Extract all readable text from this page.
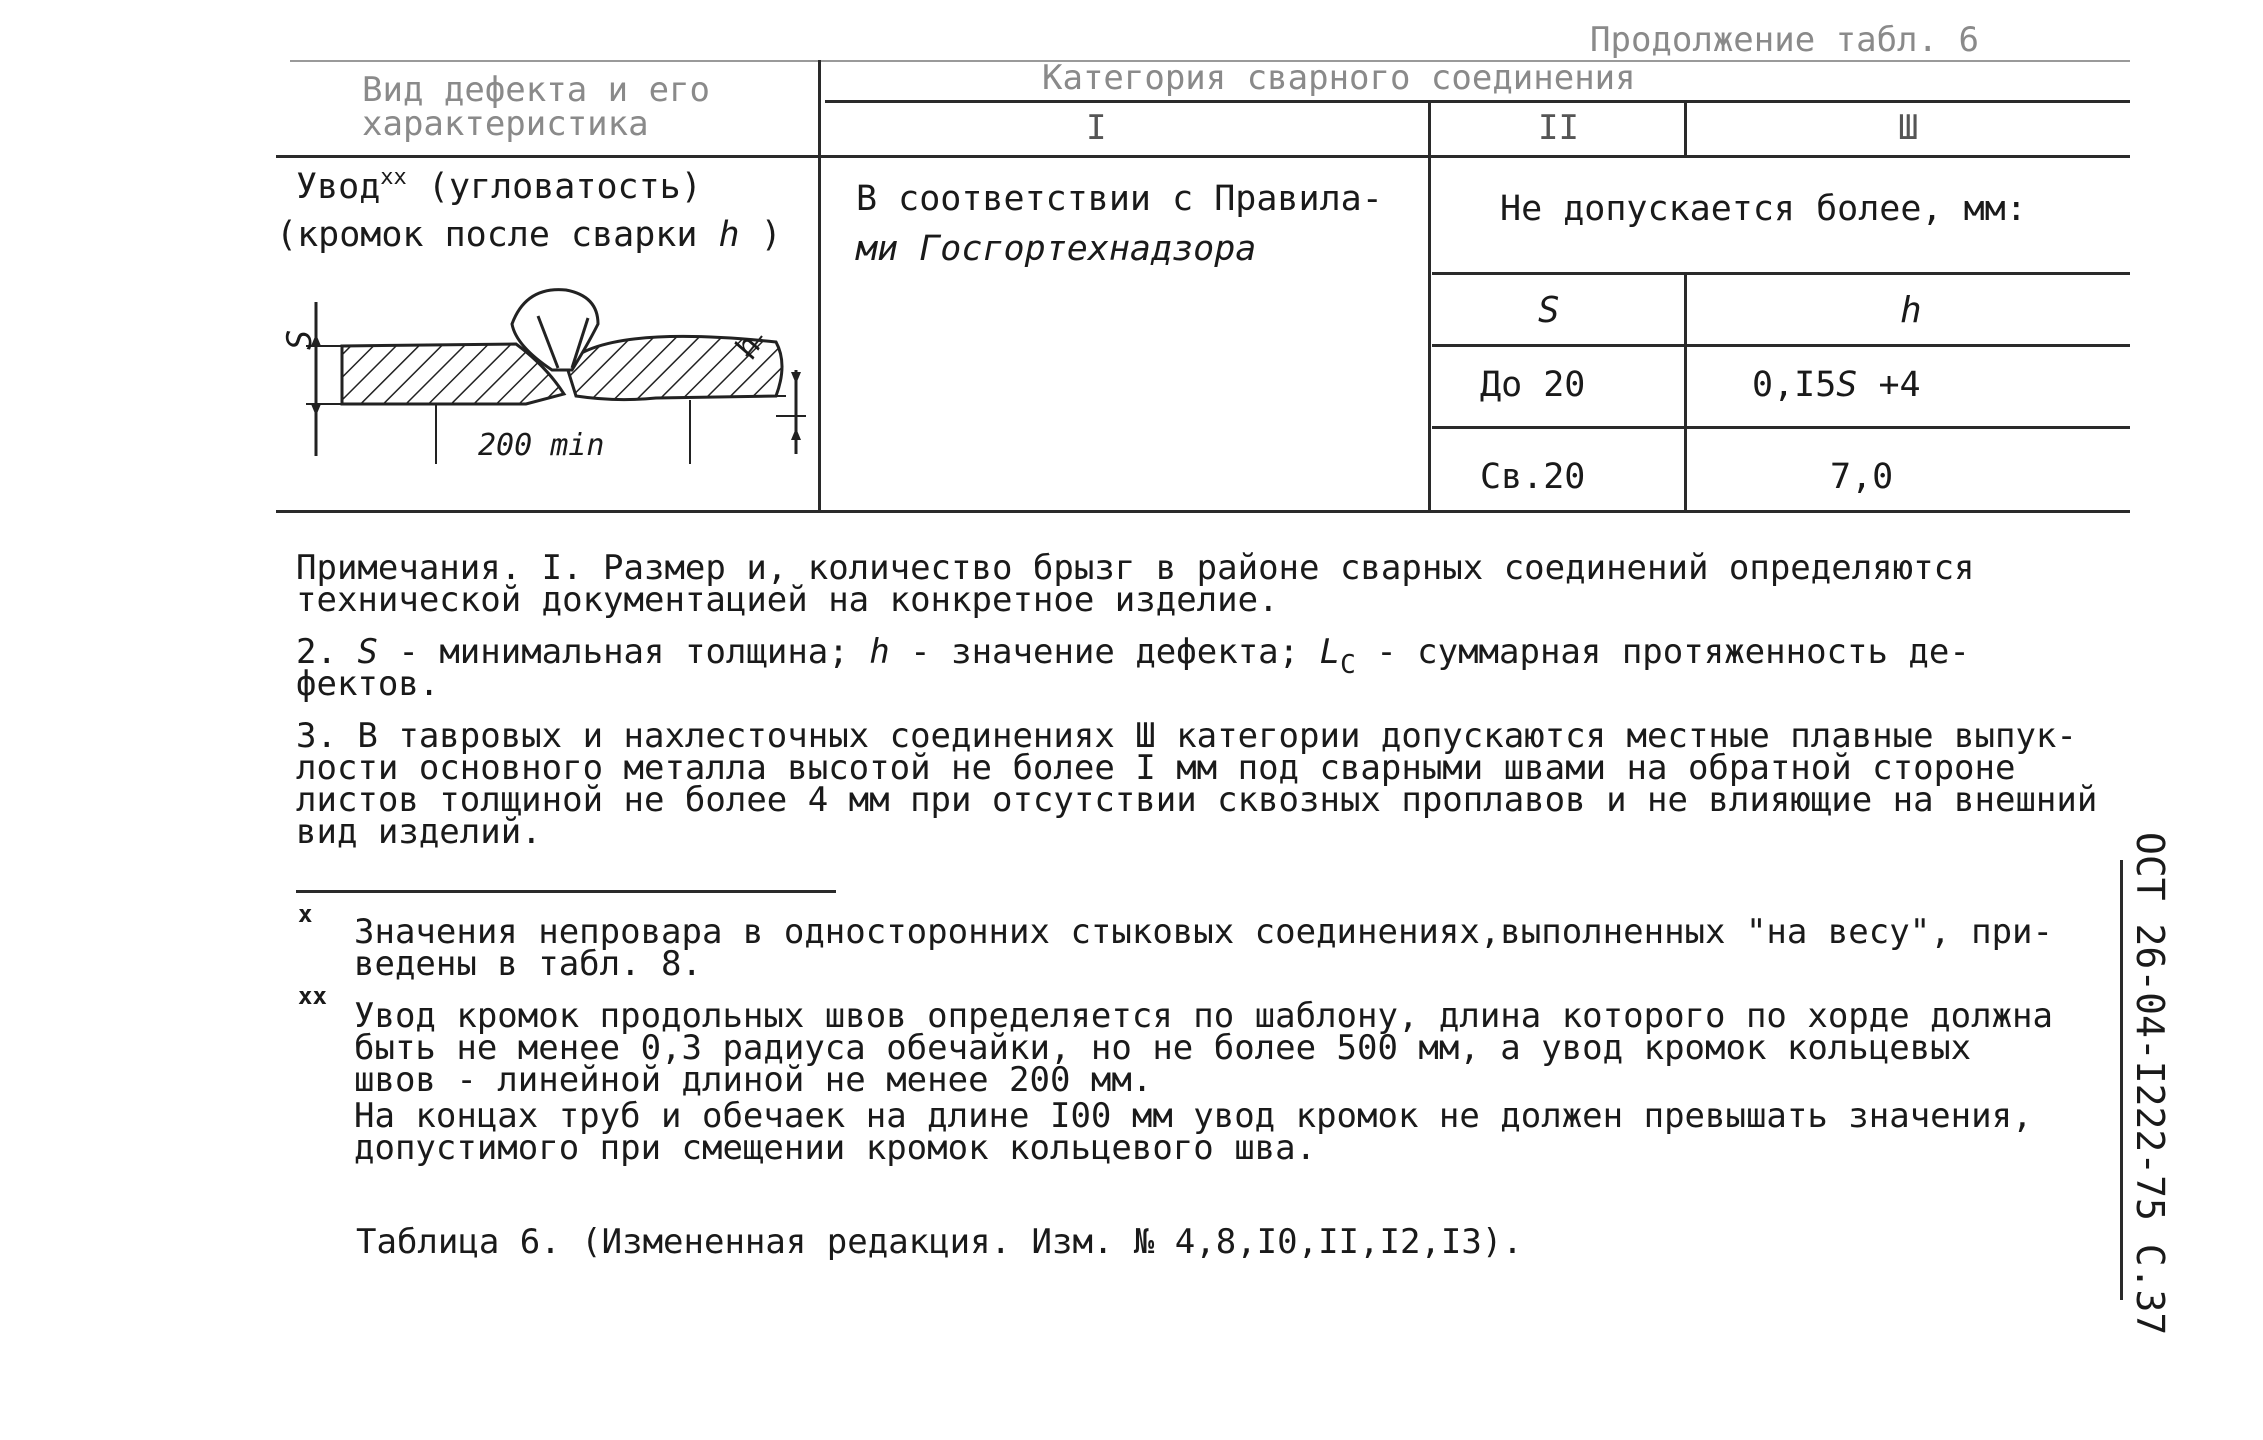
Продолжение табл. 6
Вид дефекта и его
характеристика
Категория сварного соединения
I	II	Ш
Увод$^{xx}$ (угловатость)
(кромок после сварки h )
S	h
200 min
В соответствии с Правила-
ми Госгортехнадзора
Не допускается более, мм:
S	h
До 20	0,I5S +4
Св.20	7,0
Примечания. I. Размер и, количество брызг в районе сварных соединений определяются
технической документацией на конкретное изделие.
2. S - минимальная толщина; h - значение дефекта; $L_C$ - суммарная протяженность де-
фектов.
3. В тавровых и нахлесточных соединениях Ш категории допускаются местные плавные выпук-
лости основного металла высотой не более I мм под сварными швами на обратной стороне
листов толщиной не более 4 мм при отсутствии сквозных проплавов и не влияющие на внешний
вид изделий.
x Значения непровара в односторонних стыковых соединениях,выполненных "на весу", при-
ведены в табл. 8.
xx Увод кромок продольных швов определяется по шаблону, длина которого по хорде должна
быть не менее 0,3 радиуса обечайки, но не более 500 мм, а увод кромок кольцевых
швов - линейной длиной не менее 200 мм.
На концах труб и обечаек на длине I00 мм увод кромок не должен превышать значения,
допустимого при смещении кромок кольцевого шва.
Таблица 6. (Измененная редакция. Изм. № 4,8,I0,II,I2,I3).	ОСТ 26-04-I222-75 С.37
